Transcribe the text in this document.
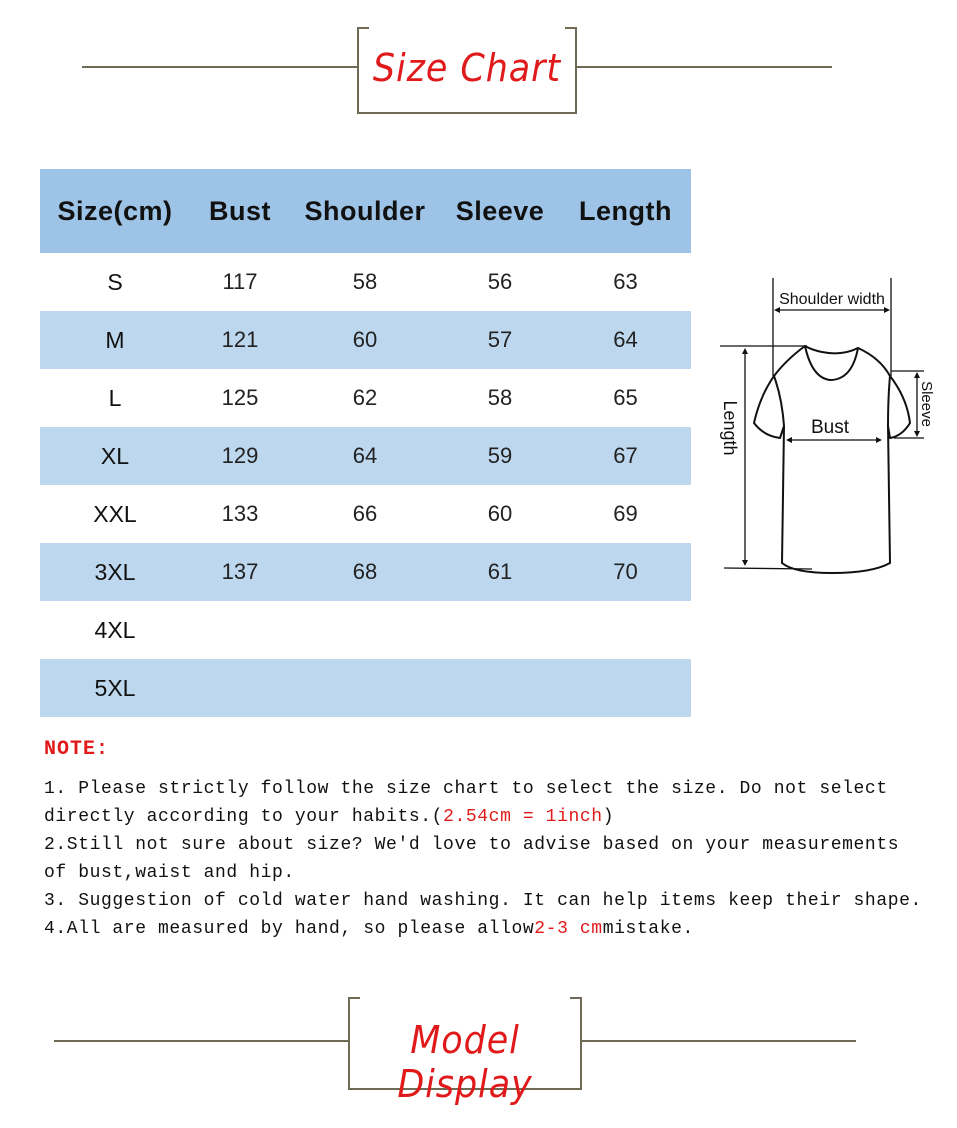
Size Chart
Size(cm)	Bust	Shoulder	Sleeve	Length
S	117	58	56	63
M	121	60	57	64
L	125	62	58	65
XL	129	64	59	67
XXL	133	66	60	69
3XL	137	68	61	70
4XL				
5XL				
Shoulder width
Bust
Length	Sleeve
NOTE:
1. Please strictly follow the size chart to select the size. Do not select
directly according to your habits.(2.54cm = 1inch)
2.Still not sure about size? We'd love to advise based on your measurements
of bust,waist and hip.
3. Suggestion of cold water hand washing. It can help items keep their shape.
4.All are measured by hand, so please allow2-3 cmmistake.
Model Display
